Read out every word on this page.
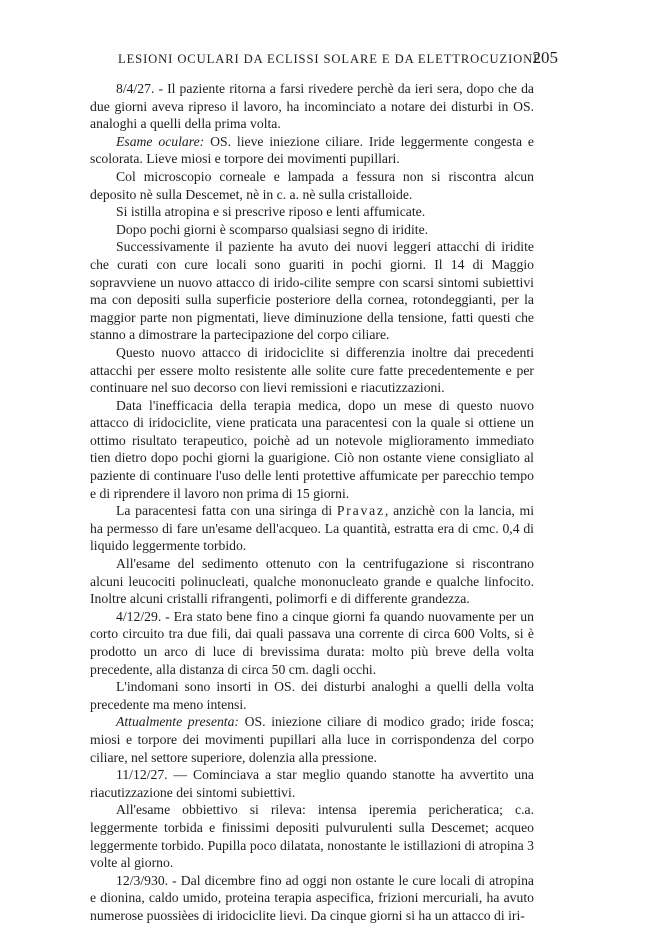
LESIONI OCULARI DA ECLISSI SOLARE E DA ELETTROCUZIONE
205

8/4/27. - Il paziente ritorna a farsi rivedere perchè da ieri sera, dopo che da due giorni aveva ripreso il lavoro, ha incominciato a notare dei disturbi in OS. analoghi a quelli della prima volta.

Esame oculare: OS. lieve iniezione ciliare. Iride leggermente congesta e scolorata. Lieve miosi e torpore dei movimenti pupillari.

Col microscopio corneale e lampada a fessura non si riscontra alcun deposito nè sulla Descemet, nè in c. a. nè sulla cristalloide.

Si istilla atropina e si prescrive riposo e lenti affumicate.

Dopo pochi giorni è scomparso qualsiasi segno di iridite.

Successivamente il paziente ha avuto dei nuovi leggeri attacchi di iridite che curati con cure locali sono guariti in pochi giorni. Il 14 di Maggio sopravviene un nuovo attacco di irido-cilite sempre con scarsi sintomi subiettivi ma con depositi sulla superficie posteriore della cornea, rotondeggianti, per la maggior parte non pigmentati, lieve diminuzione della tensione, fatti questi che stanno a dimostrare la partecipazione del corpo ciliare.

Questo nuovo attacco di iridociclite si differenzia inoltre dai precedenti attacchi per essere molto resistente alle solite cure fatte precedentemente e per continuare nel suo decorso con lievi remissioni e riacutizzazioni.

Data l'inefficacia della terapia medica, dopo un mese di questo nuovo attacco di iridociclite, viene praticata una paracentesi con la quale si ottiene un ottimo risultato terapeutico, poichè ad un notevole miglioramento immediato tien dietro dopo pochi giorni la guarigione. Ciò non ostante viene consigliato al paziente di continuare l'uso delle lenti protettive affumicate per parecchio tempo e di riprendere il lavoro non prima di 15 giorni.

La paracentesi fatta con una siringa di Pravaz, anzichè con la lancia, mi ha permesso di fare un'esame dell'acqueo. La quantità, estratta era di cmc. 0,4 di liquido leggermente torbido.

All'esame del sedimento ottenuto con la centrifugazione si riscontrano alcuni leucociti polinucleati, qualche mononucleato grande e qualche linfocito. Inoltre alcuni cristalli rifrangenti, polimorfi e di differente grandezza.

4/12/29. - Era stato bene fino a cinque giorni fa quando nuovamente per un corto circuito tra due fili, dai quali passava una corrente di circa 600 Volts, si è prodotto un arco di luce di brevissima durata: molto più breve della volta precedente, alla distanza di circa 50 cm. dagli occhi.

L'indomani sono insorti in OS. dei disturbi analoghi a quelli della volta precedente ma meno intensi.

Attualmente presenta: OS. iniezione ciliare di modico grado; iride fosca; miosi e torpore dei movimenti pupillari alla luce in corrispondenza del corpo ciliare, nel settore superiore, dolenzia alla pressione.

11/12/27. — Cominciava a star meglio quando stanotte ha avvertito una riacutizzazione dei sintomi subiettivi.

All'esame obbiettivo si rileva: intensa iperemia pericheratica; c.a. leggermente torbida e finissimi depositi pulvurulenti sulla Descemet; acqueo leggermente torbido. Pupilla poco dilatata, nonostante le istillazioni di atropina 3 volte al giorno.

12/3/930. - Dal dicembre fino ad oggi non ostante le cure locali di atropina e dionina, caldo umido, proteina terapia aspecifica, frizioni mercuriali, ha avuto numerose puossièes di iridociclite lievi. Da cinque giorni si ha un attacco di iri-
